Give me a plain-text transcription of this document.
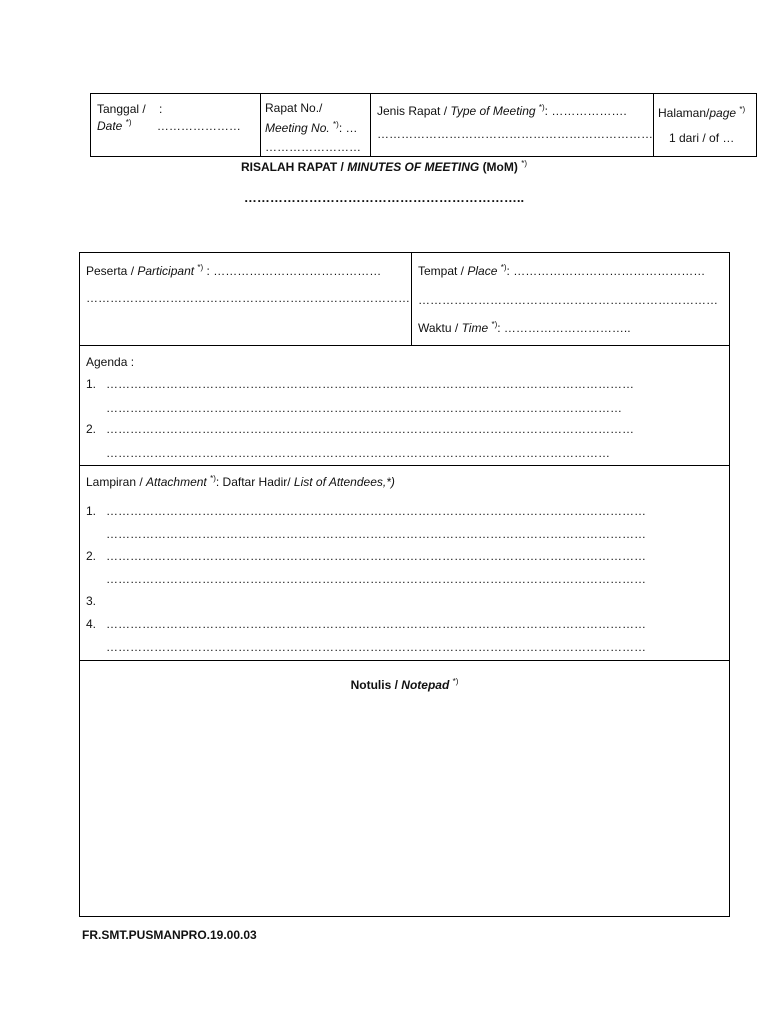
Tanggal / :
Date *) …………………
Rapat No./
Meeting No. *): …
……………………
Jenis Rapat / Type of Meeting *): ……………….
……………………………………………………………
Halaman/page *)
1 dari / of …
RISALAH RAPAT / MINUTES OF MEETING (MoM) *)
………………………………………………………..
Peserta / Participant *) : ……………………………………
………………………………………………………………………
Tempat / Place *): …………………………………………
…………………………………………………………………
Waktu / Time *): …………………………..
Agenda :
1. ……………………………………………………………………………………………………………………
…………………………………………………………………………………………………………………
2. ……………………………………………………………………………………………………………………
………………………………………………………………………………………………………………
Lampiran / Attachment *): Daftar Hadir/ List of Attendees,*)
1. ………………………………………………………………………………………………………………………
………………………………………………………………………………………………………………………
2. ………………………………………………………………………………………………………………………
………………………………………………………………………………………………………………………
3.
4. ………………………………………………………………………………………………………………………
………………………………………………………………………………………………………………………
Notulis / Notepad *)
FR.SMT.PUSMANPRO.19.00.03
